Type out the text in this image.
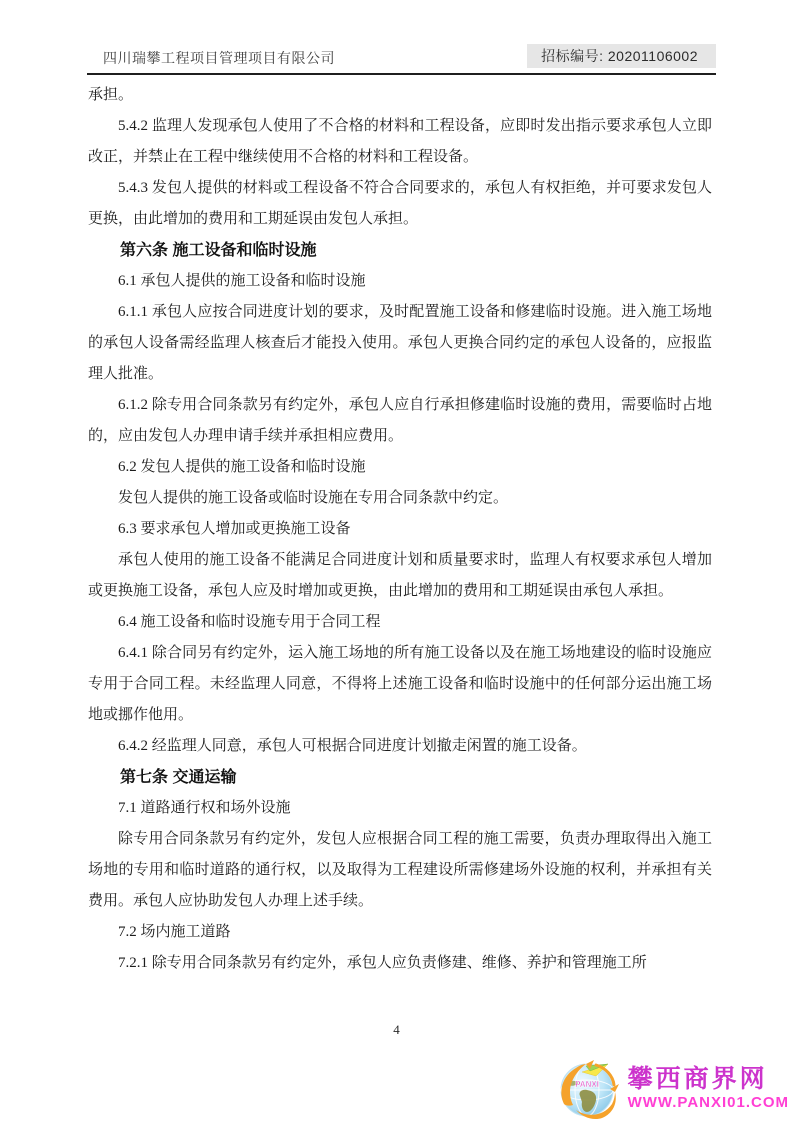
四川瑞攀工程项目管理项目有限公司	招标编号: 20201106002

承担。

5.4.2 监理人发现承包人使用了不合格的材料和工程设备，应即时发出指示要求承包人立即改正，并禁止在工程中继续使用不合格的材料和工程设备。

5.4.3 发包人提供的材料或工程设备不符合合同要求的，承包人有权拒绝，并可要求发包人更换，由此增加的费用和工期延误由发包人承担。

第六条 施工设备和临时设施

6.1 承包人提供的施工设备和临时设施

6.1.1 承包人应按合同进度计划的要求，及时配置施工设备和修建临时设施。进入施工场地的承包人设备需经监理人核查后才能投入使用。承包人更换合同约定的承包人设备的，应报监理人批准。

6.1.2 除专用合同条款另有约定外，承包人应自行承担修建临时设施的费用，需要临时占地的，应由发包人办理申请手续并承担相应费用。

6.2 发包人提供的施工设备和临时设施

发包人提供的施工设备或临时设施在专用合同条款中约定。

6.3 要求承包人增加或更换施工设备

承包人使用的施工设备不能满足合同进度计划和质量要求时，监理人有权要求承包人增加或更换施工设备，承包人应及时增加或更换，由此增加的费用和工期延误由承包人承担。

6.4 施工设备和临时设施专用于合同工程

6.4.1 除合同另有约定外，运入施工场地的所有施工设备以及在施工场地建设的临时设施应专用于合同工程。未经监理人同意，不得将上述施工设备和临时设施中的任何部分运出施工场地或挪作他用。

6.4.2 经监理人同意，承包人可根据合同进度计划撤走闲置的施工设备。

第七条 交通运输

7.1 道路通行权和场外设施

除专用合同条款另有约定外，发包人应根据合同工程的施工需要，负责办理取得出入施工场地的专用和临时道路的通行权，以及取得为工程建设所需修建场外设施的权利，并承担有关费用。承包人应协助发包人办理上述手续。

7.2 场内施工道路

7.2.1 除专用合同条款另有约定外，承包人应负责修建、维修、养护和管理施工所

4
PANXI 攀西商界网
WWW.PANXI01.COM
